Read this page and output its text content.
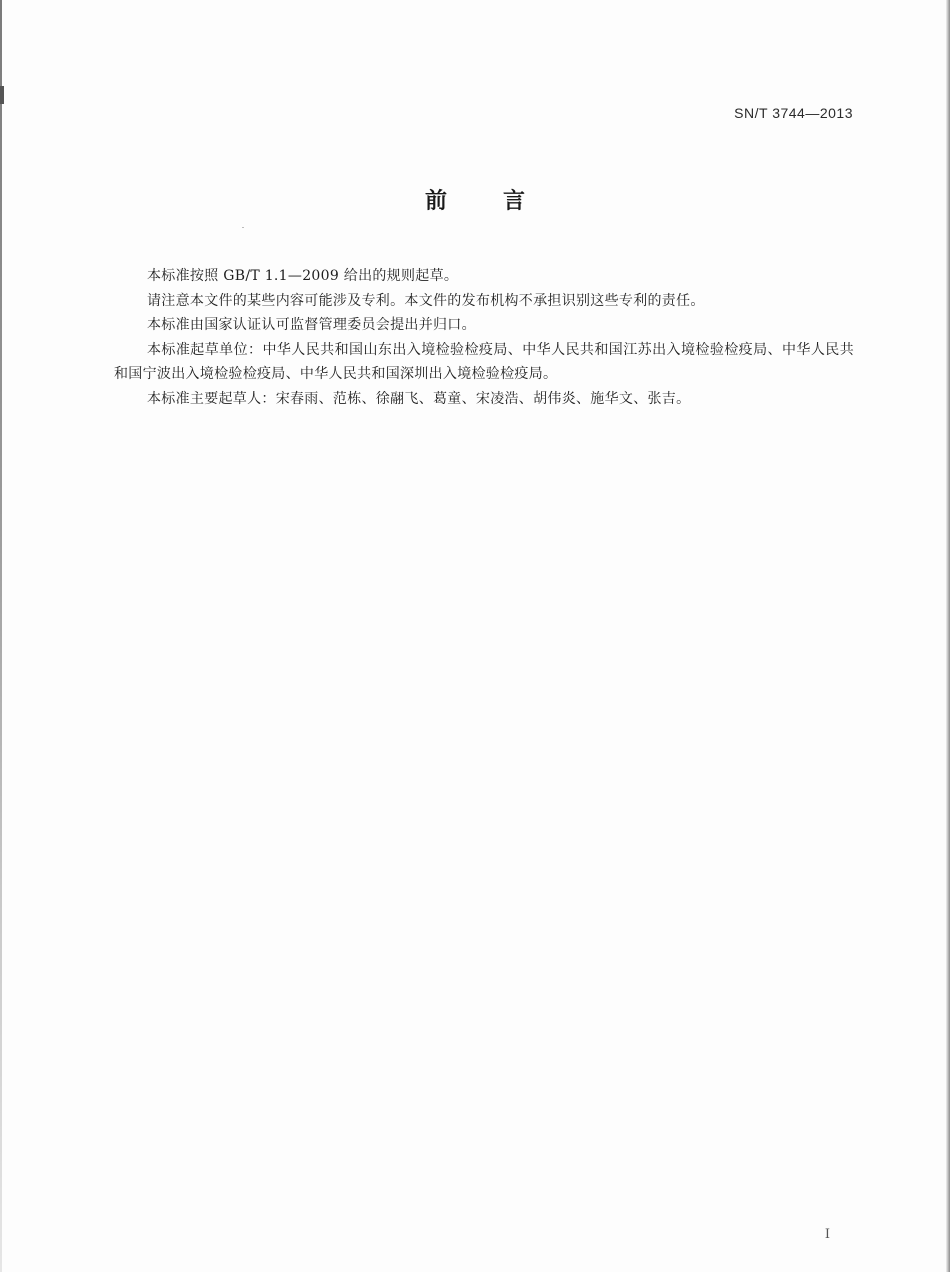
SN/T 3744—2013
前言

本标准按照 GB/T 1.1—2009 给出的规则起草。

请注意本文件的某些内容可能涉及专利。本文件的发布机构不承担识别这些专利的责任。

本标准由国家认证认可监督管理委员会提出并归口。

本标准起草单位：中华人民共和国山东出入境检验检疫局、中华人民共和国江苏出入境检验检疫局、中华人民共和国宁波出入境检验检疫局、中华人民共和国深圳出入境检验检疫局。

本标准主要起草人：宋春雨、范栋、徐翮飞、葛童、宋凌浩、胡伟炎、施华文、张吉。

I
